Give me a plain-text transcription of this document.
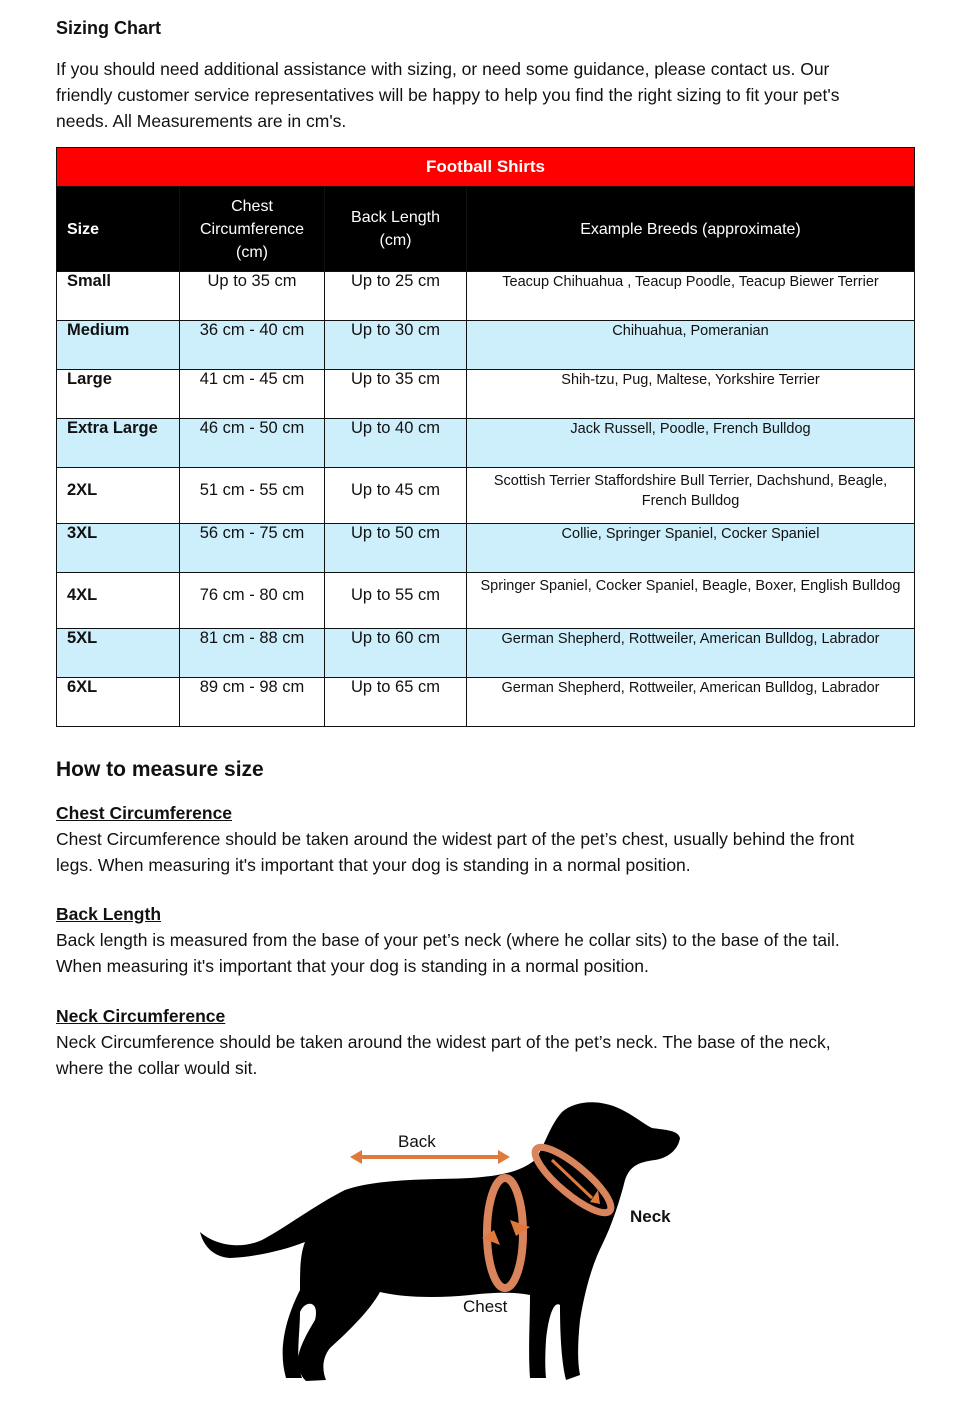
Sizing Chart
If you should need additional assistance with sizing, or need some guidance, please contact us. Our friendly customer service representatives will be happy to help you find the right sizing to fit your pet's needs. All Measurements are in cm's.
Football Shirts			
Size	Chest Circumference (cm)	Back Length (cm)	Example Breeds (approximate)
Small	Up to 35 cm	Up to 25 cm	Teacup Chihuahua , Teacup Poodle, Teacup Biewer Terrier
Medium	36 cm - 40 cm	Up to 30 cm	Chihuahua, Pomeranian
Large	41 cm - 45 cm	Up to 35 cm	Shih-tzu, Pug, Maltese, Yorkshire Terrier
Extra Large	46 cm - 50 cm	Up to 40 cm	Jack Russell, Poodle, French Bulldog
2XL	51 cm - 55 cm	Up to 45 cm	Scottish Terrier Staffordshire Bull Terrier, Dachshund, Beagle, French Bulldog
3XL	56 cm - 75 cm	Up to 50 cm	Collie, Springer Spaniel, Cocker Spaniel
4XL	76 cm - 80 cm	Up to 55 cm	Springer Spaniel, Cocker Spaniel, Beagle, Boxer, English Bulldog
5XL	81 cm - 88 cm	Up to 60 cm	German Shepherd, Rottweiler, American Bulldog, Labrador
6XL	89 cm - 98 cm	Up to 65 cm	German Shepherd, Rottweiler, American Bulldog, Labrador
How to measure size
Chest Circumference
Chest Circumference should be taken around the widest part of the pet’s chest, usually behind the front legs. When measuring it's important that your dog is standing in a normal position.
Back Length
Back length is measured from the base of your pet’s neck (where he collar sits) to the base of the tail. When measuring it's important that your dog is standing in a normal position.
Neck Circumference
Neck Circumference should be taken around the widest part of the pet’s neck. The base of the neck, where the collar would sit.
Back
Neck
Chest
